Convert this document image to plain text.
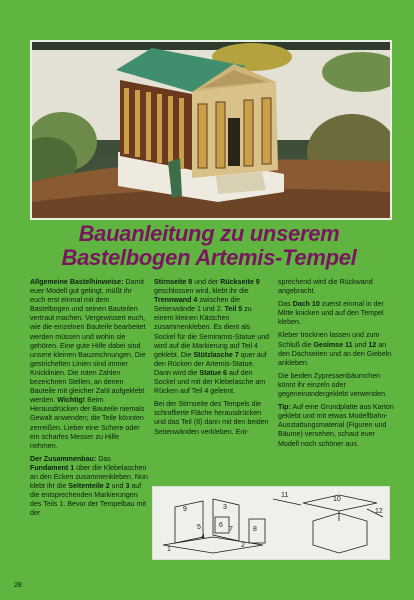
Bauanleitung zu unserem
Bastelbogen Artemis-Tempel

Allgemeine Bastelhinweise: Damit euer Modell gut gelingt, müßt ihr euch erst einmal mit dem Bastelbogen und seinen Bauteilen vertraut machen. Vergewissert euch, wie die einzelnen Bauteile bearbeitet werden müssen und wohin sie gehören. Eine gute Hilfe dabei sind unsere kleinen Bauzeichnungen. Die gestrichelten Linien sind immer Knicklinien. Die roten Zahlen bezeichnen Stellen, an denen Bauteile mit gleicher Zahl aufgeklebt werden. Wichtig! Beim Herausdrücken der Bauteile niemals Gewalt anwenden; die Teile könnten zerreißen. Lieber eine Schere oder ein scharfes Messer zu Hilfe nehmen.

Der Zusammenbau: Das Fundament 1 über die Klebelaschen an den Ecken zusammenkleben. Nun klebt ihr die Seitenteile 2 und 3 auf die entsprechenden Markierungen des Teils 1. Bevor der Tempelbau mit der

Stirnseite 8 und der Rückseite 9 geschlossen wird, klebt ihr die Trennwand 4 zwischen die Seitenwände 1 und 2. Teil 5 zu einem kleinen Kästchen zusammenkleben. Es dient als Sockel für die Semiramis-Statue und wird auf die Markierung auf Teil 4 geklebt. Die Stützlasche 7 quer auf den Rücken der Artemis-Statue. Dann wird die Statue 6 auf den Sockel und mit der Klebelasche am Rücken auf Teil 4 geleimt.

Bei der Stirnseite des Tempels die schraffierte Fläche herausdrücken und das Teil (8) dann mit den beiden Seitenwänden verkleben. Ent-

sprechend wird die Rückwand angebracht.

Das Dach 10 zuerst einmal in der Mitte knicken und auf den Tempel kleben.

Kleber trocknen lassen und zum Schluß die Gesimse 11 und 12 an den Dachseiten und an den Giebeln ankleben.

Die beiden Zypressenbäumchen könnt ihr einzeln oder gegeneinandergeklebt verwenden.

Tip: Auf eine Grundplatte aus Karton geklebt und mit etwas Modellbahn-Ausstattungsmaterial (Figuren und Bäume) versehen, schaut euer Modell noch schöner aus.

9	3
6
7
5
4
1
2
8
11
10
12
28
